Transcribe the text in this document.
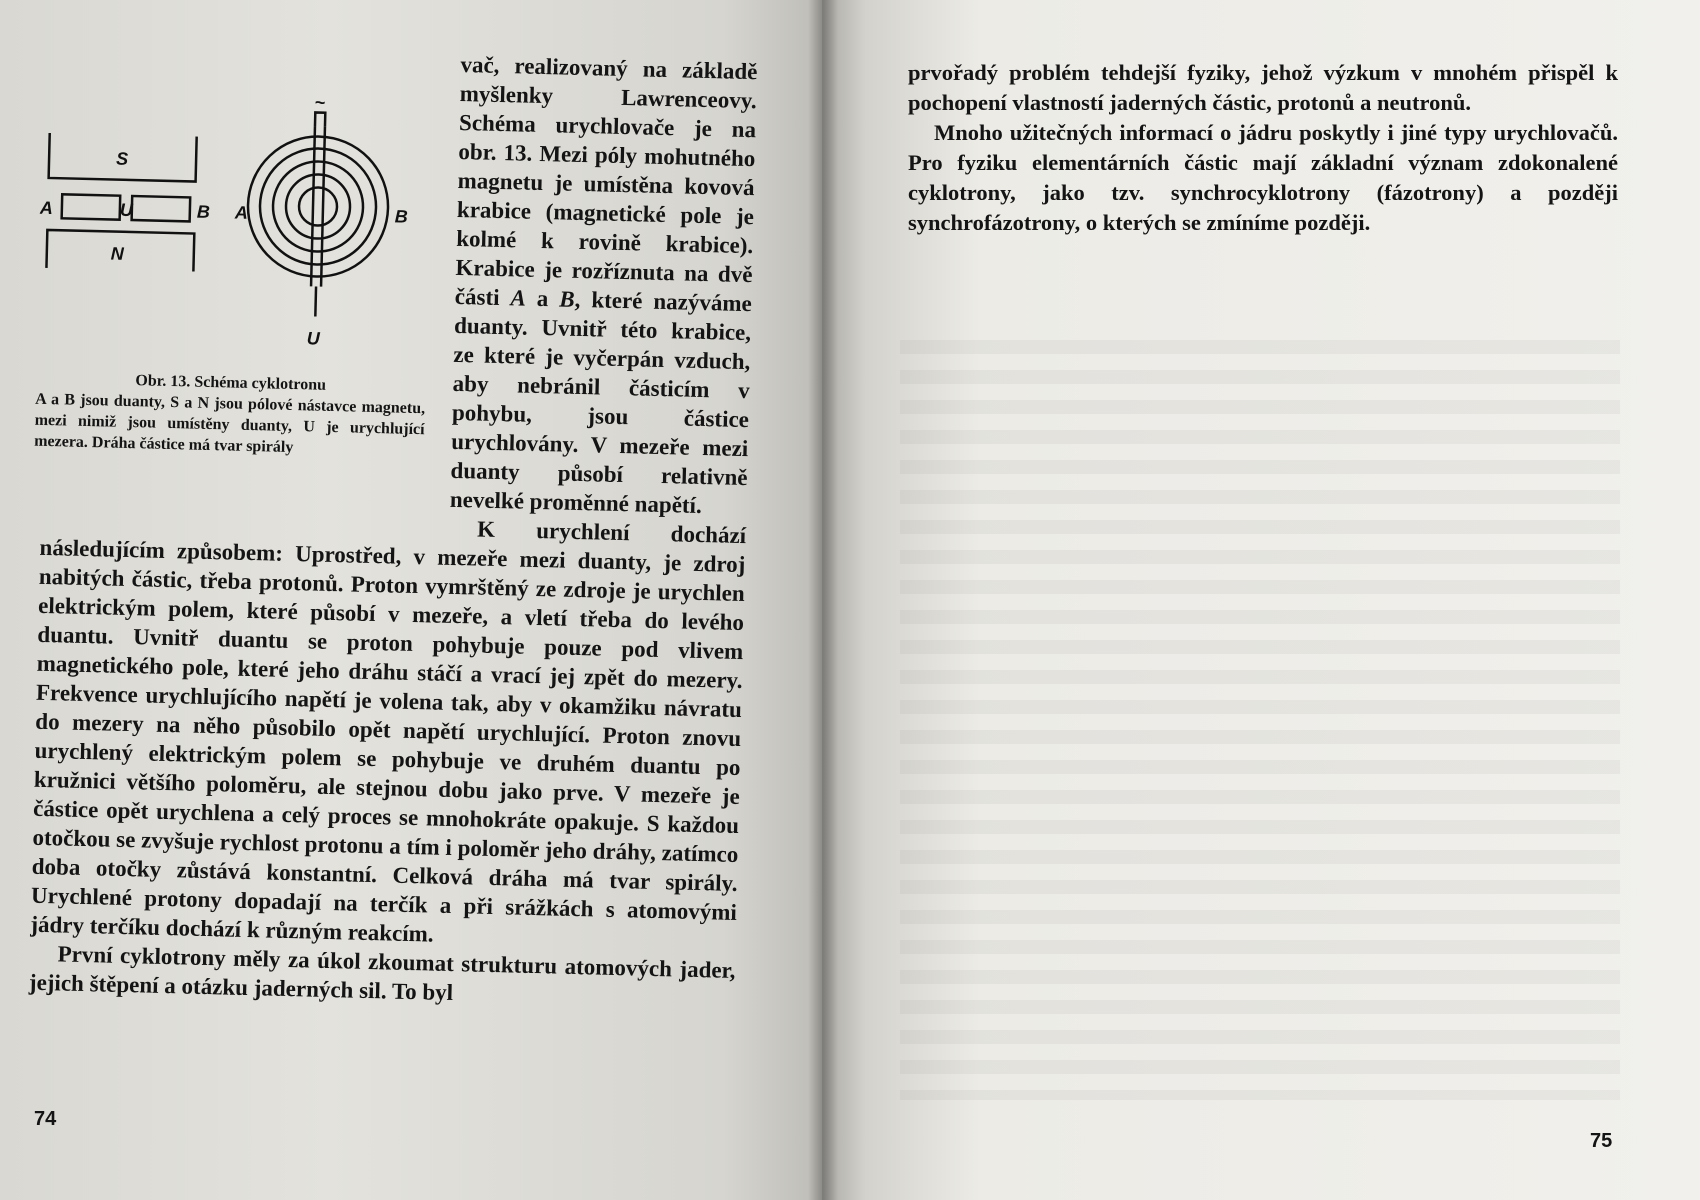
S
N
A	U	B A	B
U
~
Obr. 13. Schéma cyklotronu
A a B jsou duanty, S a N jsou pólové nástavce magnetu, mezi nimiž jsou umístěny duanty, U je urychlující mezera. Dráha částice má tvar spirály

vač, realizovaný na základě myšlenky Lawrenceovy. Schéma urychlovače je na obr. 13. Mezi póly mohutného magnetu je umístěna kovová krabice (magnetické pole je kolmé k rovině krabice). Krabice je rozříznuta na dvě části A a B, které nazýváme duanty. Uvnitř této krabice, ze které je vyčerpán vzduch, aby nebránil částicím v pohybu, jsou částice urychlovány. V mezeře mezi duanty působí relativně nevelké proměnné napětí.

K urychlení dochází následujícím způsobem: Uprostřed, v mezeře mezi duanty, je zdroj nabitých částic, třeba protonů. Proton vymrštěný ze zdroje je urychlen elektrickým polem, které působí v mezeře, a vletí třeba do levého duantu. Uvnitř duantu se proton pohybuje pouze pod vlivem magnetického pole, které jeho dráhu stáčí a vrací jej zpět do mezery. Frekvence urychlujícího napětí je volena tak, aby v okamžiku návratu do mezery na něho působilo opět napětí urychlující. Proton znovu urychlený elektrickým polem se pohybuje ve druhém duantu po kružnici většího poloměru, ale stejnou dobu jako prve. V mezeře je částice opět urychlena a celý proces se mnohokráte opakuje. S každou otočkou se zvyšuje rychlost protonu a tím i poloměr jeho dráhy, zatímco doba otočky zůstává konstantní. Celková dráha má tvar spirály. Urychlené protony dopadají na terčík a při srážkách s atomovými jádry terčíku dochází k různým reakcím.

První cyklotrony měly za úkol zkoumat strukturu atomových jader, jejich štěpení a otázku jaderných sil. To byl

74

prvořadý problém tehdejší fyziky, jehož výzkum v mnohém přispěl k pochopení vlastností jaderných částic, protonů a neutronů.

Mnoho užitečných informací o jádru poskytly i jiné typy urychlovačů. Pro fyziku elementárních částic mají základní význam zdokonalené cyklotrony, jako tzv. synchrocyklotrony (fázotrony) a později synchrofázotrony, o kterých se zmíníme později.

75
